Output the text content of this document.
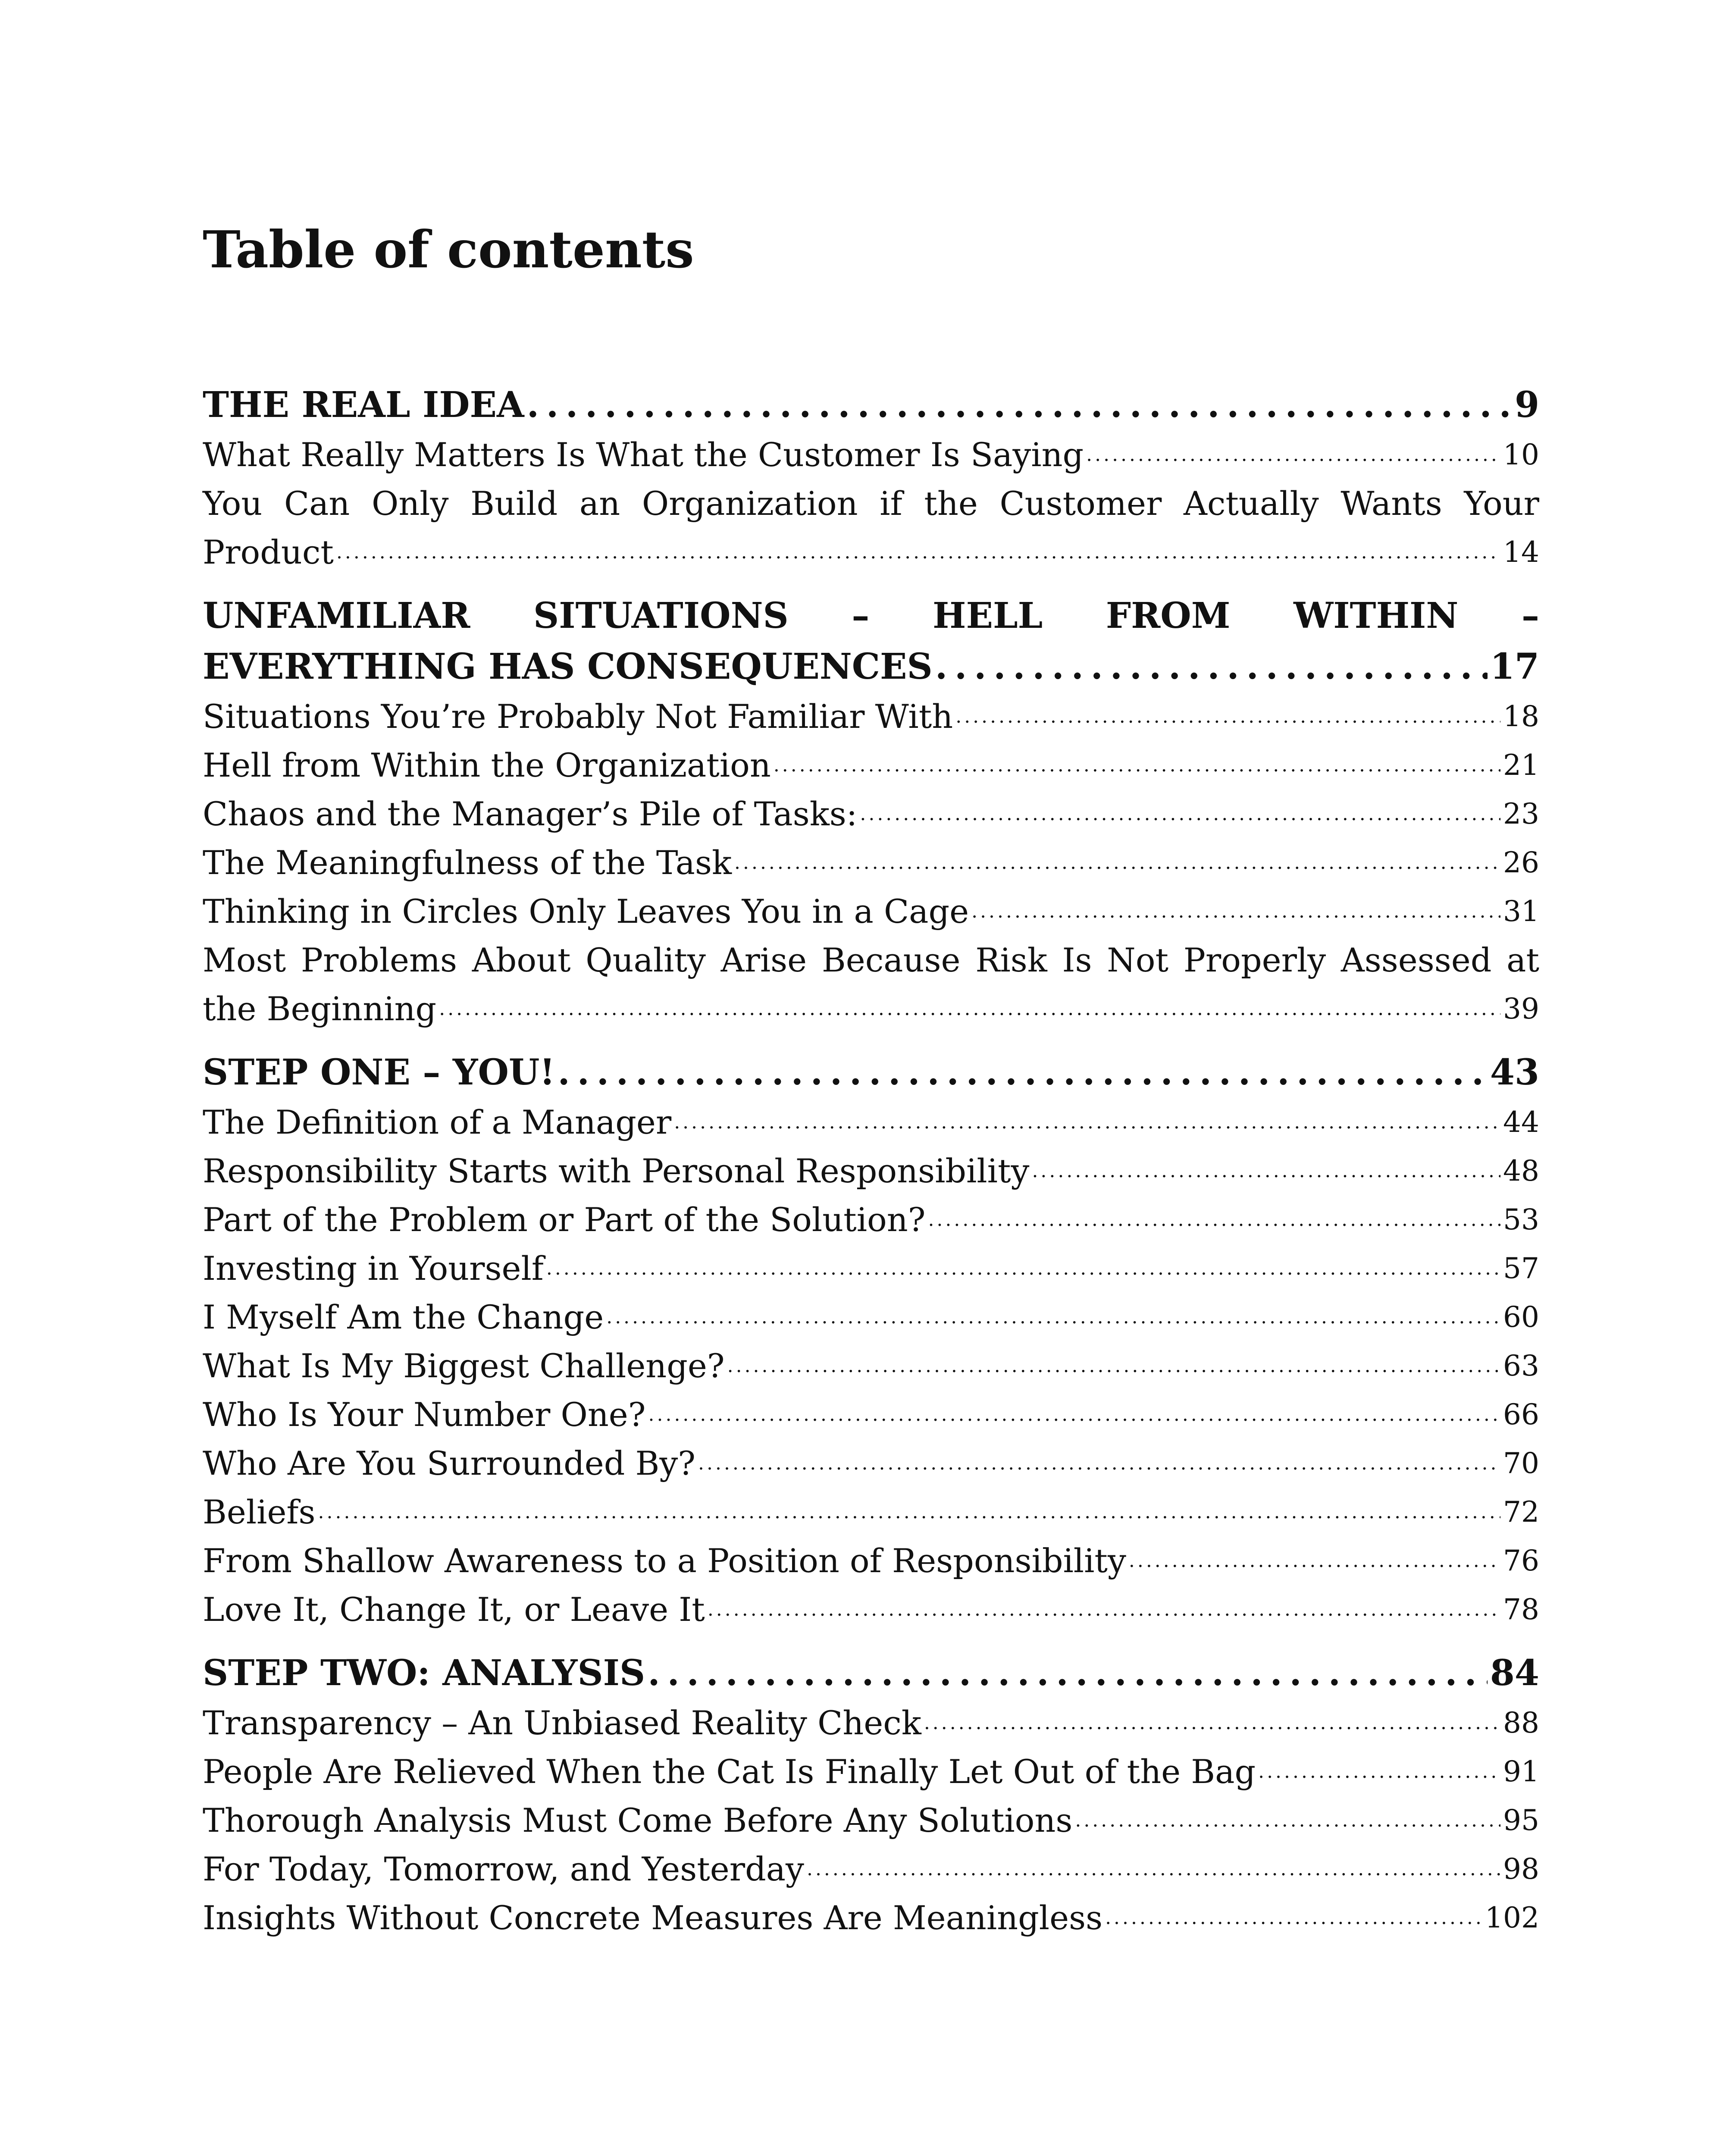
Table of contents
THE REAL IDEA . . .	9
What Really Matters Is What the Customer Is Saying . . .	10
You Can Only Build an Organization if the Customer Actually Wants Your
Product . . .	14
UNFAMILIAR SITUATIONS – HELL FROM WITHIN –
EVERYTHING HAS CONSEQUENCES . . .	17
Situations You’re Probably Not Familiar With . . .	18
Hell from Within the Organization . . .	21
Chaos and the Manager’s Pile of Tasks: . . .	23
The Meaningfulness of the Task . . .	26
Thinking in Circles Only Leaves You in a Cage . . .	31
Most Problems About Quality Arise Because Risk Is Not Properly Assessed at
the Beginning . . .	39
STEP ONE – YOU! . . .	43
The Definition of a Manager . . .	44
Responsibility Starts with Personal Responsibility . . .	48
Part of the Problem or Part of the Solution? . . .	53
Investing in Yourself . . .	57
I Myself Am the Change . . .	60
What Is My Biggest Challenge? . . .	63
Who Is Your Number One? . . .	66
Who Are You Surrounded By? . . .	70
Beliefs . . .	72
From Shallow Awareness to a Position of Responsibility . . .	76
Love It, Change It, or Leave It . . .	78
STEP TWO: ANALYSIS . . .	84
Transparency – An Unbiased Reality Check . . .	88
People Are Relieved When the Cat Is Finally Let Out of the Bag . . .	91
Thorough Analysis Must Come Before Any Solutions . . .	95
For Today, Tomorrow, and Yesterday . . .	98
Insights Without Concrete Measures Are Meaningless . . .	102
